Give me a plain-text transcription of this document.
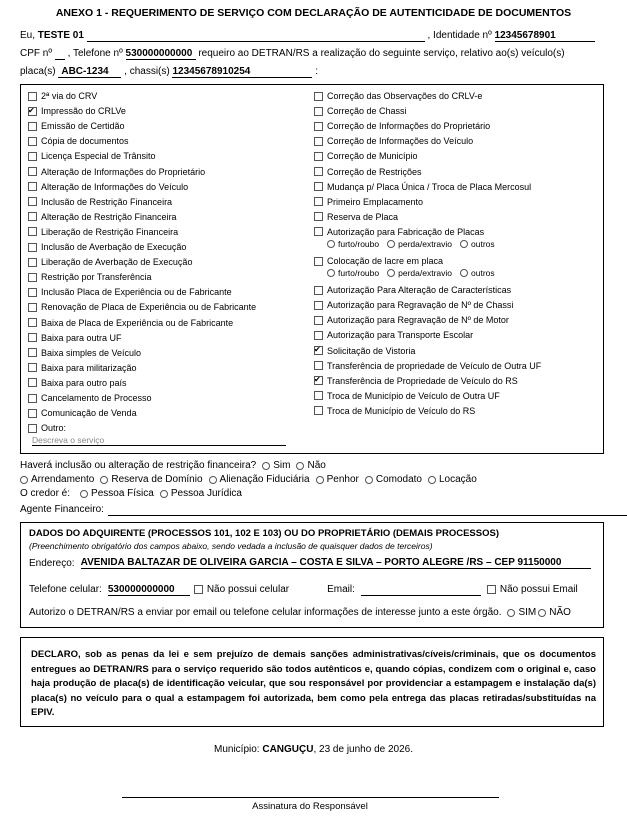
ANEXO 1 - REQUERIMENTO DE SERVIÇO COM DECLARAÇÃO DE AUTENTICIDADE DE DOCUMENTOS
Eu, TESTE 01	, Identidade nº 12345678901
CPF nº , Telefone nº 530000000000 requeiro ao DETRAN/RS a realização do seguinte serviço, relativo ao(s) veículo(s)
placa(s) ABC-1234 , chassi(s) 12345678910254	:
2ª via do CRV
✔
Impressão do CRLVe
Emissão de Certidão
Cópia de documentos
Licença Especial de Trânsito
Alteração de Informações do Proprietário
Alteração de Informações do Veículo
Inclusão de Restrição Financeira
Alteração de Restrição Financeira
Liberação de Restrição Financeira
Inclusão de Averbação de Execução
Liberação de Averbação de Execução
Restrição por Transferência
Inclusão Placa de Experiência ou de Fabricante
Renovação de Placa de Experiência ou de Fabricante
Baixa de Placa de Experiência ou de Fabricante
Baixa para outra UF
Baixa simples de Veículo
Baixa para militarização
Baixa para outro país
Cancelamento de Processo
Comunicação de Venda
Outro:
Correção das Observações do CRLV-e
Correção de Chassi
Correção de Informações do Proprietário
Correção de Informações do Veículo
Correção de Município
Correção de Restrições
Mudança p/ Placa Única / Troca de Placa Mercosul
Primeiro Emplacamento
Reserva de Placa
Autorização para Fabricação de Placas
furto/roubo perda/extravio outros
Colocação de lacre em placa
furto/roubo perda/extravio outros
Autorização Para Alteração de Características
Autorização para Regravação de Nº de Chassi
Autorização para Regravação de Nº de Motor
Autorização para Transporte Escolar
✔
Solicitação de Vistoria
Transferência de propriedade de Veículo de Outra UF
✔
Transferência de Propriedade de Veículo do RS
Troca de Município de Veículo de Outra UF
Troca de Município de Veículo do RS
Descreva o serviço
Haverá inclusão ou alteração de restrição financeira? Sim Não
Arrendamento Reserva de Domínio Alienação Fiduciária Penhor Comodato Locação
O credor é: Pessoa Física Pessoa Jurídica
Agente Financeiro:
DADOS DO ADQUIRENTE (PROCESSOS 101, 102 E 103) OU DO PROPRIETÁRIO (DEMAIS PROCESSOS)
(Preenchimento obrigatório dos campos abaixo, sendo vedada a inclusão de quaisquer dados de terceiros)
Endereço: AVENIDA BALTAZAR DE OLIVEIRA GARCIA – COSTA E SILVA – PORTO ALEGRE /RS – CEP 91150000
Telefone celular: 530000000000	Não possui celular	Email:	Não possui Email
Autorizo o DETRAN/RS a enviar por email ou telefone celular informações de interesse junto a este órgão. SIM NÃO
DECLARO, sob as penas da lei e sem prejuízo de demais sanções administrativas/cíveis/criminais, que os documentos entregues ao DETRAN/RS para o serviço requerido são todos autênticos e, quando cópias, condizem com o original e, caso haja produção de placa(s) de identificação veicular, que sou responsável por providenciar a estampagem e instalação da(s) placa(s) no veículo para o qual a estampagem foi autorizada, bem como pela entrega das placas retiradas/substituídas na EPIV.
Município: CANGUÇU, 23 de junho de 2026.
Assinatura do Responsável
